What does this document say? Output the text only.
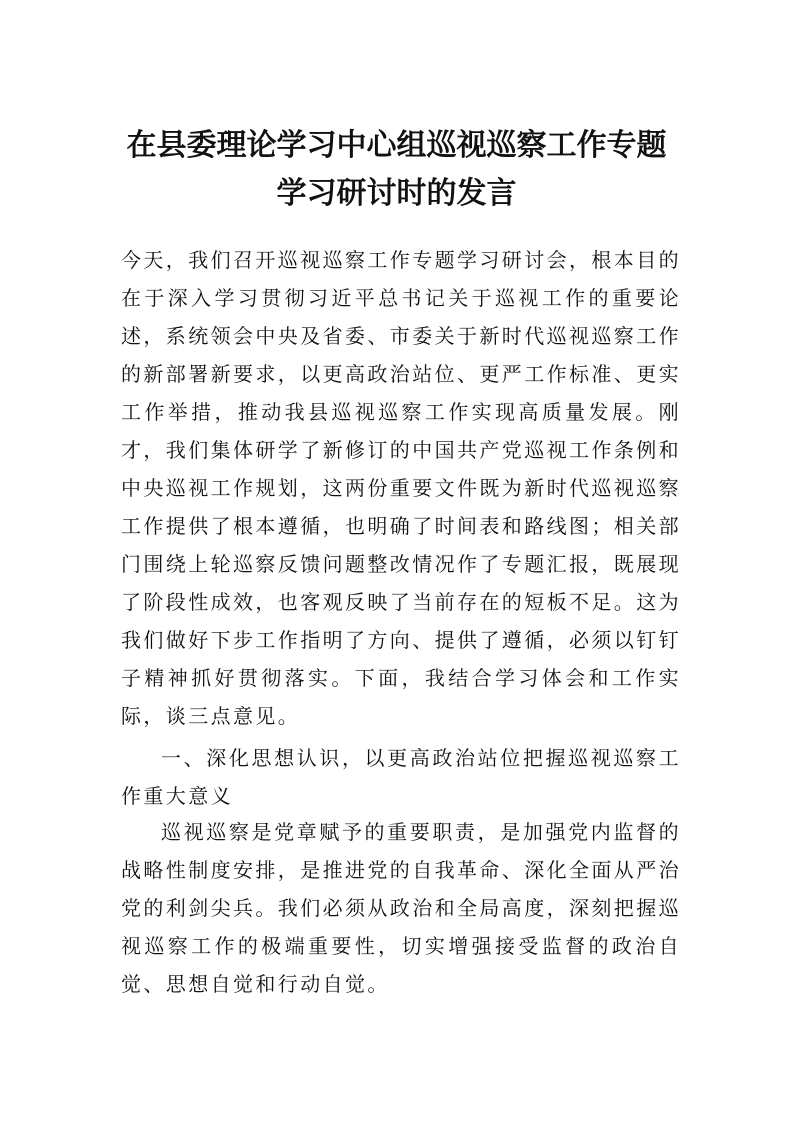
在县委理论学习中心组巡视巡察工作专题
学习研讨时的发言
今天，我们召开巡视巡察工作专题学习研讨会，根本目的在于深入学习贯彻习近平总书记关于巡视工作的重要论述，系统领会中央及省委、市委关于新时代巡视巡察工作的新部署新要求，以更高政治站位、更严工作标准、更实工作举措，推动我县巡视巡察工作实现高质量发展。刚才，我们集体研学了新修订的中国共产党巡视工作条例和中央巡视工作规划，这两份重要文件既为新时代巡视巡察工作提供了根本遵循，也明确了时间表和路线图；相关部门围绕上轮巡察反馈问题整改情况作了专题汇报，既展现了阶段性成效，也客观反映了当前存在的短板不足。这为我们做好下步工作指明了方向、提供了遵循，必须以钉钉子精神抓好贯彻落实。下面，我结合学习体会和工作实际，谈三点意见。
一、深化思想认识，以更高政治站位把握巡视巡察工作重大意义
巡视巡察是党章赋予的重要职责，是加强党内监督的战略性制度安排，是推进党的自我革命、深化全面从严治党的利剑尖兵。我们必须从政治和全局高度，深刻把握巡视巡察工作的极端重要性，切实增强接受监督的政治自觉、思想自觉和行动自觉。
